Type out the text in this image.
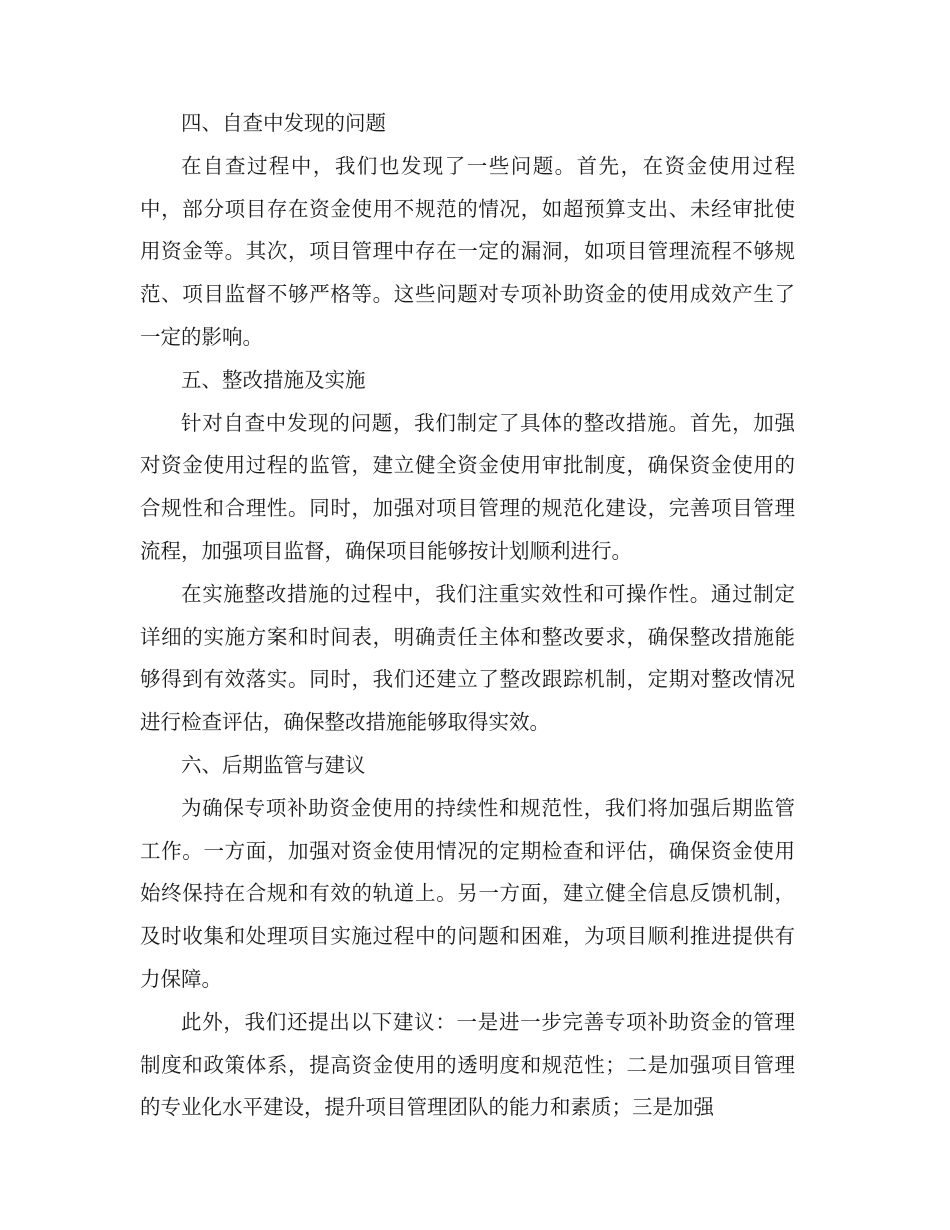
四、自查中发现的问题

在自查过程中，我们也发现了一些问题。首先，在资金使用过程中，部分项目存在资金使用不规范的情况，如超预算支出、未经审批使用资金等。其次，项目管理中存在一定的漏洞，如项目管理流程不够规范、项目监督不够严格等。这些问题对专项补助资金的使用成效产生了一定的影响。

五、整改措施及实施

针对自查中发现的问题，我们制定了具体的整改措施。首先，加强对资金使用过程的监管，建立健全资金使用审批制度，确保资金使用的合规性和合理性。同时，加强对项目管理的规范化建设，完善项目管理流程，加强项目监督，确保项目能够按计划顺利进行。

在实施整改措施的过程中，我们注重实效性和可操作性。通过制定详细的实施方案和时间表，明确责任主体和整改要求，确保整改措施能够得到有效落实。同时，我们还建立了整改跟踪机制，定期对整改情况进行检查评估，确保整改措施能够取得实效。

六、后期监管与建议

为确保专项补助资金使用的持续性和规范性，我们将加强后期监管工作。一方面，加强对资金使用情况的定期检查和评估，确保资金使用始终保持在合规和有效的轨道上。另一方面，建立健全信息反馈机制，及时收集和处理项目实施过程中的问题和困难，为项目顺利推进提供有力保障。

此外，我们还提出以下建议：一是进一步完善专项补助资金的管理制度和政策体系，提高资金使用的透明度和规范性；二是加强项目管理的专业化水平建设，提升项目管理团队的能力和素质；三是加强
